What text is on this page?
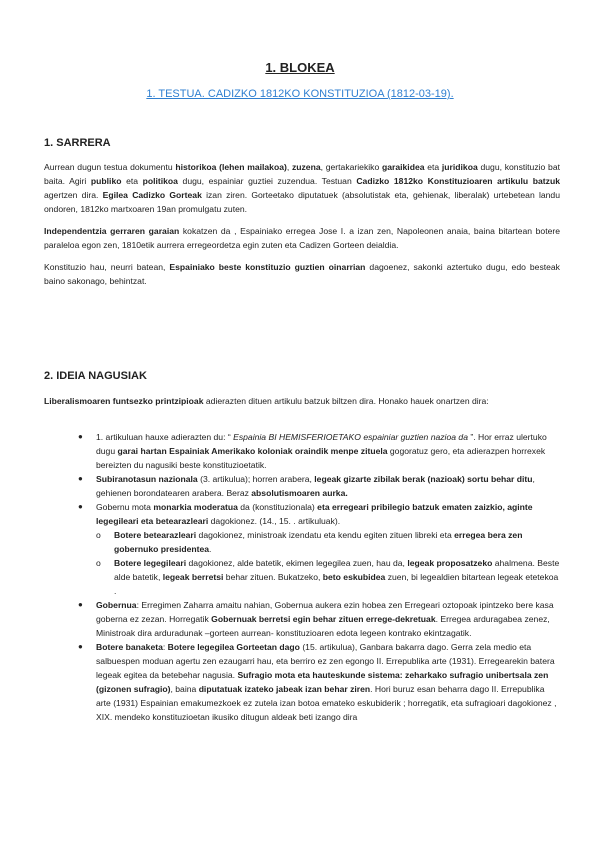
1. BLOKEA
1. TESTUA. CADIZKO 1812KO KONSTITUZIOA (1812-03-19).
1. SARRERA

Aurrean dugun testua dokumentu historikoa (lehen mailakoa), zuzena, gertakariekiko garaikidea eta juridikoa dugu, konstituzio bat baita. Agiri publiko eta politikoa dugu, espainiar guztiei zuzendua. Testuan Cadizko 1812ko Konstituzioaren artikulu batzuk agertzen dira. Egilea Cadizko Gorteak izan ziren. Gorteetako diputatuek (absolutistak eta, gehienak, liberalak) urtebetean landu ondoren, 1812ko martxoaren 19an promulgatu zuten.

Independentzia gerraren garaian kokatzen da , Espainiako erregea Jose I. a izan zen, Napoleonen anaia, baina bitartean botere paraleloa egon zen, 1810etik aurrera erregeordetza egin zuten eta Cadizen Gorteen deialdia.

Konstituzio hau, neurri batean, Espainiako beste konstituzio guztien oinarrian dagoenez, sakonki aztertuko dugu, edo besteak baino sakonago, behintzat.

2. IDEIA NAGUSIAK

Liberalismoaren funtsezko printzipioak adierazten dituen artikulu batzuk biltzen dira. Honako hauek onartzen dira:

● 1. artikuluan hauxe adierazten du: “ Espainia BI HEMISFERIOETAKO espainiar guztien nazioa da ”. Hor erraz ulertuko dugu garai hartan Espainiak Amerikako koloniak oraindik menpe zituela gogoratuz gero, eta adierazpen horrexek bereizten du nagusiki beste konstituzioetatik.
● Subiranotasun nazionala (3. artikulua); horren arabera, legeak gizarte zibilak berak (nazioak) sortu behar ditu, gehienen borondatearen arabera. Beraz absolutismoaren aurka.
● Gobernu mota monarkia moderatua da (konstituzionala) eta erregeari pribilegio batzuk ematen zaizkio, aginte legegileari eta betearazleari dagokionez. (14., 15. . artikuluak).
o Botere betearazleari dagokionez, ministroak izendatu eta kendu egiten zituen libreki eta erregea bera zen gobernuko presidentea.
o Botere legegileari dagokionez, alde batetik, ekimen legegilea zuen, hau da, legeak proposatzeko ahalmena. Beste alde batetik, legeak berretsi behar zituen. Bukatzeko, beto eskubidea zuen, bi legealdien bitartean legeak etetekoa .
● Gobernua: Erregimen Zaharra amaitu nahian, Gobernua aukera ezin hobea zen Erregeari oztopoak ipintzeko bere kasa goberna ez zezan. Horregatik Gobernuak berretsi egin behar zituen errege-dekretuak. Erregea arduragabea zenez, Ministroak dira arduradunak –gorteen aurrean- konstituzioaren edota legeen kontrako ekintzagatik.
● Botere banaketa: Botere legegilea Gorteetan dago (15. artikulua), Ganbara bakarra dago. Gerra zela medio eta salbuespen moduan agertu zen ezaugarri hau, eta berriro ez zen egongo II. Errepublika arte (1931). Erregearekin batera legeak egitea da betebehar nagusia. Sufragio mota eta hauteskunde sistema: zeharkako sufragio unibertsala zen (gizonen sufragio), baina diputatuak izateko jabeak izan behar ziren. Hori buruz esan beharra dago II. Errepublika arte (1931) Espainian emakumezkoek ez zutela izan botoa emateko eskubiderik ; horregatik, eta sufragioari dagokionez , XIX. mendeko konstituzioetan ikusiko ditugun aldeak beti izango dira
